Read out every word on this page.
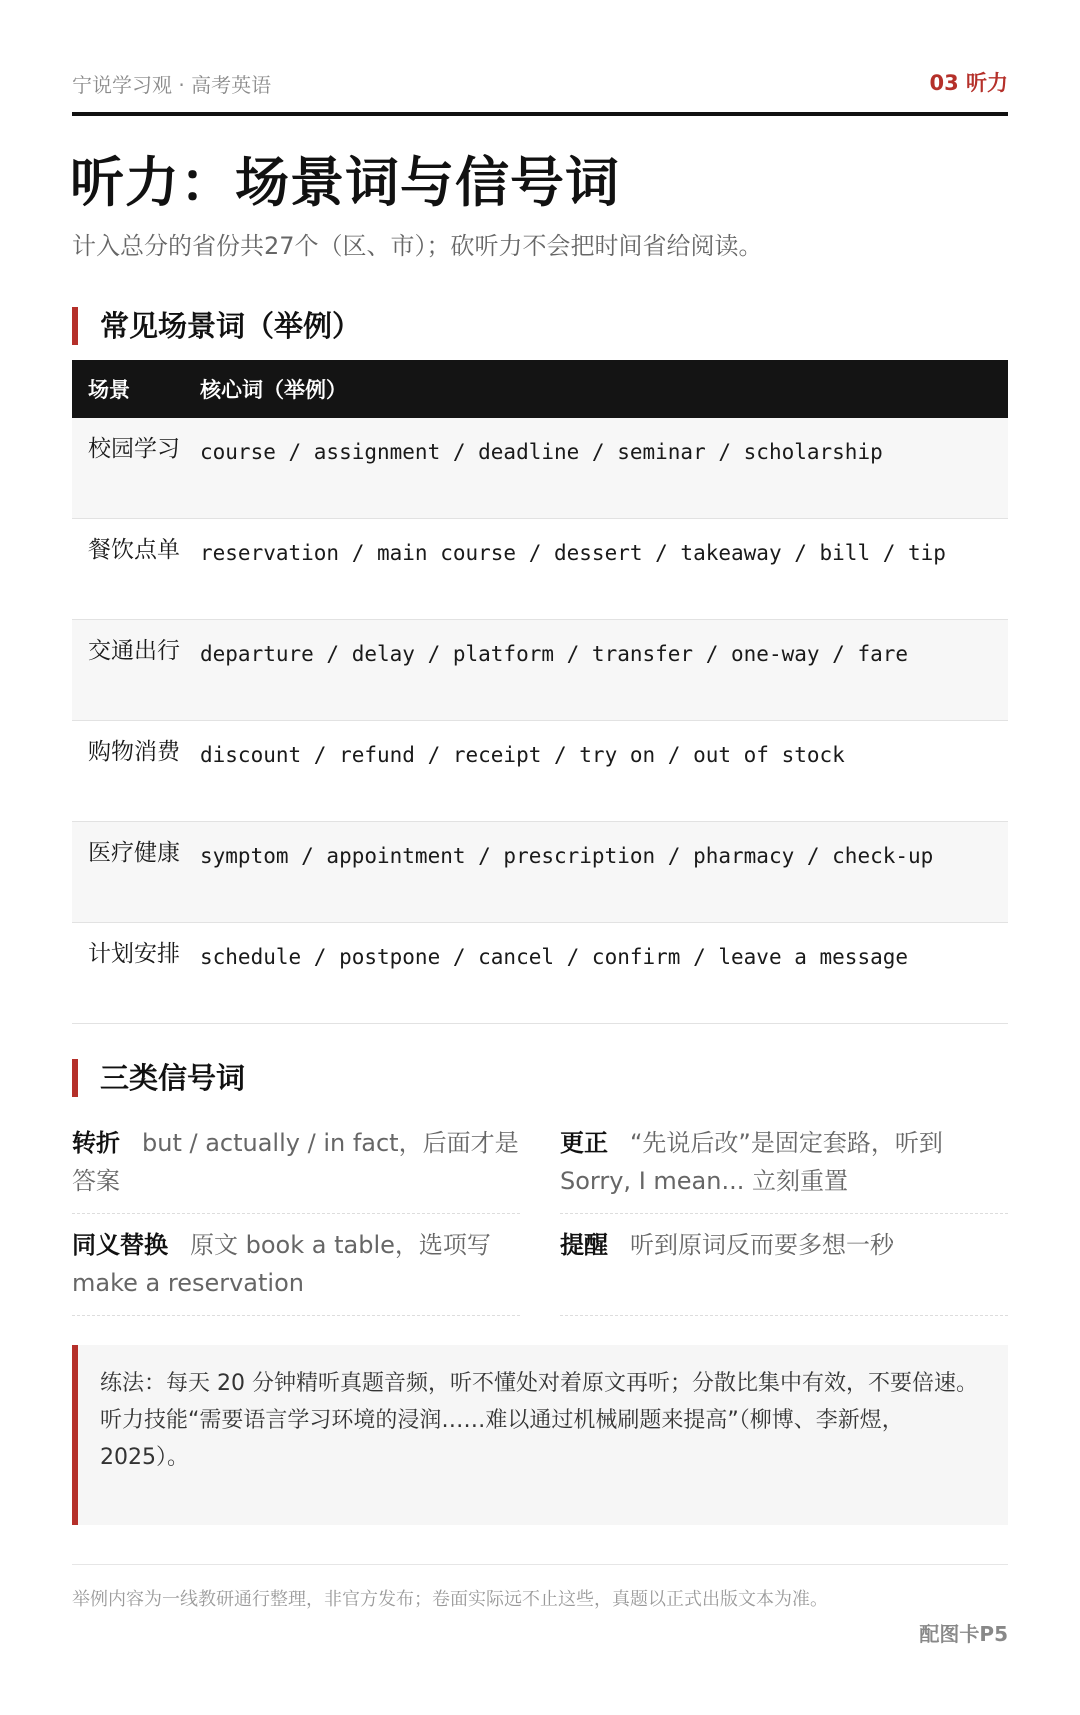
宁说学习观 · 高考英语	03 听力
听力：场景词与信号词
计入总分的省份共27个（区、市）；砍听力不会把时间省给阅读。
常见场景词（举例）
场景	核心词（举例）
校园学习 course / assignment / deadline / seminar / scholarship
餐饮点单 reservation / main course / dessert / takeaway / bill / tip
交通出行 departure / delay / platform / transfer / one-way / fare
购物消费 discount / refund / receipt / try on / out of stock
医疗健康 symptom / appointment / prescription / pharmacy / check-up
计划安排 schedule / postpone / cancel / confirm / leave a message
三类信号词
转折 but / actually / in fact，后面才是答案
更正 “先说后改”是固定套路，听到 Sorry, I mean... 立刻重置
同义替换 原文 book a table，选项写 make a reservation
提醒 听到原词反而要多想一秒
练法：每天 20 分钟精听真题音频，听不懂处对着原文再听；分散比集中有效，不要倍速。
听力技能“需要语言学习环境的浸润……难以通过机械刷题来提高”（柳博、李新煜，2025）。
举例内容为一线教研通行整理，非官方发布；卷面实际远不止这些，真题以正式出版文本为准。
配图卡P5
